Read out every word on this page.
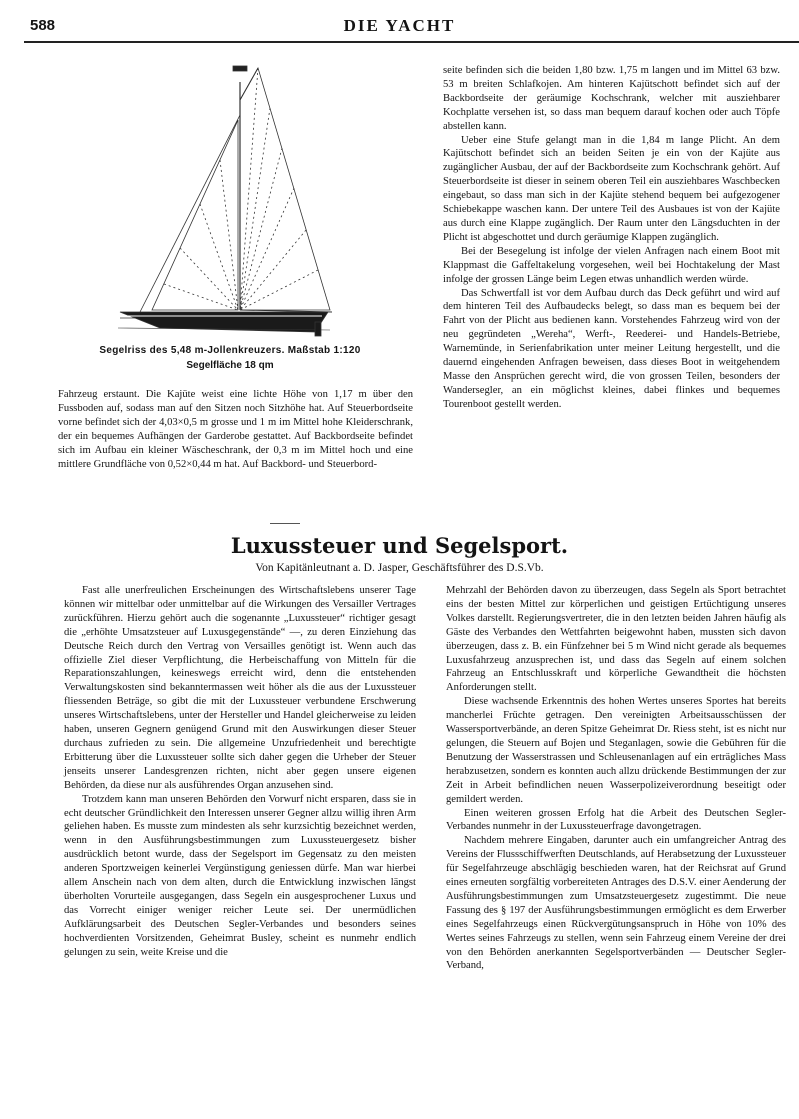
588	DIE YACHT
Segelriss des 5,48 m-Jollenkreuzers. Maßstab 1:120
Segelfläche 18 qm

Fahrzeug erstaunt. Die Kajüte weist eine lichte Höhe von 1,17 m über den Fussboden auf, sodass man auf den Sitzen noch Sitzhöhe hat. Auf Steuerbordseite vorne befindet sich der 4,03×0,5 m grosse und 1 m im Mittel hohe Kleiderschrank, der ein bequemes Aufhängen der Garderobe gestattet. Auf Backbordseite befindet sich im Aufbau ein kleiner Wäscheschrank, der 0,3 m im Mittel hoch und eine mittlere Grundfläche von 0,52×0,44 m hat. Auf Backbord- und Steuerbord-

seite befinden sich die beiden 1,80 bzw. 1,75 m langen und im Mittel 63 bzw. 53 m breiten Schlafkojen. Am hinteren Kajütschott befindet sich auf der Backbordseite der geräumige Kochschrank, welcher mit ausziehbarer Kochplatte versehen ist, so dass man bequem darauf kochen oder auch Töpfe abstellen kann.

Ueber eine Stufe gelangt man in die 1,84 m lange Plicht. An dem Kajütschott befindet sich an beiden Seiten je ein von der Kajüte aus zugänglicher Ausbau, der auf der Backbordseite zum Kochschrank gehört. Auf Steuerbordseite ist dieser in seinem oberen Teil ein ausziehbares Waschbecken eingebaut, so dass man sich in der Kajüte stehend bequem bei aufgezogener Schiebekappe waschen kann. Der untere Teil des Ausbaues ist von der Kajüte aus durch eine Klappe zugänglich. Der Raum unter den Längsduchten in der Plicht ist abgeschottet und durch geräumige Klappen zugänglich.

Bei der Besegelung ist infolge der vielen Anfragen nach einem Boot mit Klappmast die Gaffeltakelung vorgesehen, weil bei Hochtakelung der Mast infolge der grossen Länge beim Legen etwas unhandlich werden würde.

Das Schwertfall ist vor dem Aufbau durch das Deck geführt und wird auf dem hinteren Teil des Aufbaudecks belegt, so dass man es bequem bei der Fahrt von der Plicht aus bedienen kann. Vorstehendes Fahrzeug wird von der neu gegründeten „Wereha“, Werft-, Reederei- und Handels-Betriebe, Warnemünde, in Serienfabrikation unter meiner Leitung hergestellt, und die dauernd eingehenden Anfragen beweisen, dass dieses Boot in weitgehendem Masse den Ansprüchen gerecht wird, die von grossen Teilen, besonders der Wandersegler, an ein möglichst kleines, dabei flinkes und bequemes Tourenboot gestellt werden.

Luxussteuer und Segelsport.
Von Kapitänleutnant a. D. Jasper, Geschäftsführer des D.S.Vb.

Fast alle unerfreulichen Erscheinungen des Wirtschaftslebens unserer Tage können wir mittelbar oder unmittelbar auf die Wirkungen des Versailler Vertrages zurückführen. Hierzu gehört auch die sogenannte „Luxussteuer“ richtiger gesagt die „erhöhte Umsatzsteuer auf Luxusgegenstände“ —, zu deren Einziehung das Deutsche Reich durch den Vertrag von Versailles genötigt ist. Wenn auch das offizielle Ziel dieser Verpflichtung, die Herbeischaffung von Mitteln für die Reparationszahlungen, keineswegs erreicht wird, denn die entstehenden Verwaltungskosten sind bekanntermassen weit höher als die aus der Luxussteuer fliessenden Beträge, so gibt die mit der Luxussteuer verbundene Erschwerung unseres Wirtschaftslebens, unter der Hersteller und Handel gleicherweise zu leiden haben, unseren Gegnern genügend Grund mit den Auswirkungen dieser Steuer durchaus zufrieden zu sein. Die allgemeine Unzufriedenheit und berechtigte Erbitterung über die Luxussteuer sollte sich daher gegen die Urheber der Steuer jenseits unserer Landesgrenzen richten, nicht aber gegen unsere eigenen Behörden, da diese nur als ausführendes Organ anzusehen sind.

Trotzdem kann man unseren Behörden den Vorwurf nicht ersparen, dass sie in echt deutscher Gründlichkeit den Interessen unserer Gegner allzu willig ihren Arm geliehen haben. Es musste zum mindesten als sehr kurzsichtig bezeichnet werden, wenn in den Ausführungsbestimmungen zum Luxussteuergesetz bisher ausdrücklich betont wurde, dass der Segelsport im Gegensatz zu den meisten anderen Sportzweigen keinerlei Vergünstigung geniessen dürfe. Man war hierbei allem Anschein nach von dem alten, durch die Entwicklung inzwischen längst überholten Vorurteile ausgegangen, dass Segeln ein ausgesprochener Luxus und das Vorrecht einiger weniger reicher Leute sei. Der unermüdlichen Aufklärungsarbeit des Deutschen Segler-Verbandes und besonders seines hochverdienten Vorsitzenden, Geheimrat Busley, scheint es nunmehr endlich gelungen zu sein, weite Kreise und die

Mehrzahl der Behörden davon zu überzeugen, dass Segeln als Sport betrachtet eins der besten Mittel zur körperlichen und geistigen Ertüchtigung unseres Volkes darstellt. Regierungsvertreter, die in den letzten beiden Jahren häufig als Gäste des Verbandes den Wettfahrten beigewohnt haben, mussten sich davon überzeugen, dass z. B. ein Fünfzehner bei 5 m Wind nicht gerade als bequemes Luxusfahrzeug anzusprechen ist, und dass das Segeln auf einem solchen Fahrzeug an Entschlusskraft und körperliche Gewandtheit die höchsten Anforderungen stellt.

Diese wachsende Erkenntnis des hohen Wertes unseres Sportes hat bereits mancherlei Früchte getragen. Den vereinigten Arbeitsausschüssen der Wassersportverbände, an deren Spitze Geheimrat Dr. Riess steht, ist es nicht nur gelungen, die Steuern auf Bojen und Steganlagen, sowie die Gebühren für die Benutzung der Wasserstrassen und Schleusenanlagen auf ein erträgliches Mass herabzusetzen, sondern es konnten auch allzu drückende Bestimmungen der zur Zeit in Arbeit befindlichen neuen Wasserpolizeiverordnung beseitigt oder gemildert werden.

Einen weiteren grossen Erfolg hat die Arbeit des Deutschen Segler-Verbandes nunmehr in der Luxussteuerfrage davongetragen.

Nachdem mehrere Eingaben, darunter auch ein umfangreicher Antrag des Vereins der Flussschiffwerften Deutschlands, auf Herabsetzung der Luxussteuer für Segelfahrzeuge abschlägig beschieden waren, hat der Reichsrat auf Grund eines erneuten sorgfältig vorbereiteten Antrages des D.S.V. einer Aenderung der Ausführungsbestimmungen zum Umsatzsteuergesetz zugestimmt. Die neue Fassung des § 197 der Ausführungsbestimmungen ermöglicht es dem Erwerber eines Segelfahrzeugs einen Rückvergütungsanspruch in Höhe von 10% des Wertes seines Fahrzeugs zu stellen, wenn sein Fahrzeug einem Vereine der drei von den Behörden anerkannten Segelsportverbänden — Deutscher Segler-Verband,
